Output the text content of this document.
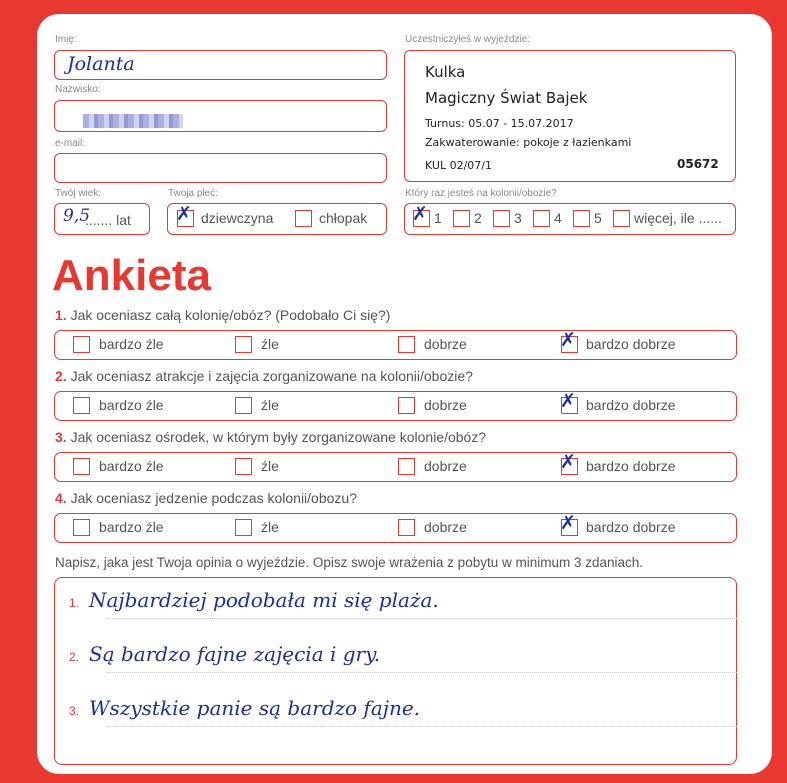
Imię:
Jolanta
Nazwisko:
e-mail:
Twój wiek:
9,5
....... lat
Twoja płeć:
✗ dziewczyna	chłopak
Uczestniczyłeś w wyjeździe:
Kulka
Magiczny Świat Bajek
Turnus: 05.07 - 15.07.2017
Zakwaterowanie: pokoje z łazienkami
KUL 02/07/1	05672
Który raz jesteś na kolonii/obozie?
✗ 1 2 3 4 5 więcej, ile ......
Ankieta
1. Jak oceniasz całą kolonię/obóz? (Podobało Ci się?)
bardzo źle	źle	dobrze	✗ bardzo dobrze
2. Jak oceniasz atrakcje i zajęcia zorganizowane na kolonii/obozie?
bardzo źle	źle	dobrze	✗ bardzo dobrze
3. Jak oceniasz ośrodek, w którym były zorganizowane kolonie/obóz?
bardzo źle	źle	dobrze	✗ bardzo dobrze
4. Jak oceniasz jedzenie podczas kolonii/obozu?
bardzo źle	źle	dobrze	✗ bardzo dobrze
Napisz, jaka jest Twoja opinia o wyjeździe. Opisz swoje wrażenia z pobytu w minimum 3 zdaniach.
1. Najbardziej podobała mi się plaża.
2. Są bardzo fajne zajęcia i gry.
3. Wszystkie panie są bardzo fajne.
